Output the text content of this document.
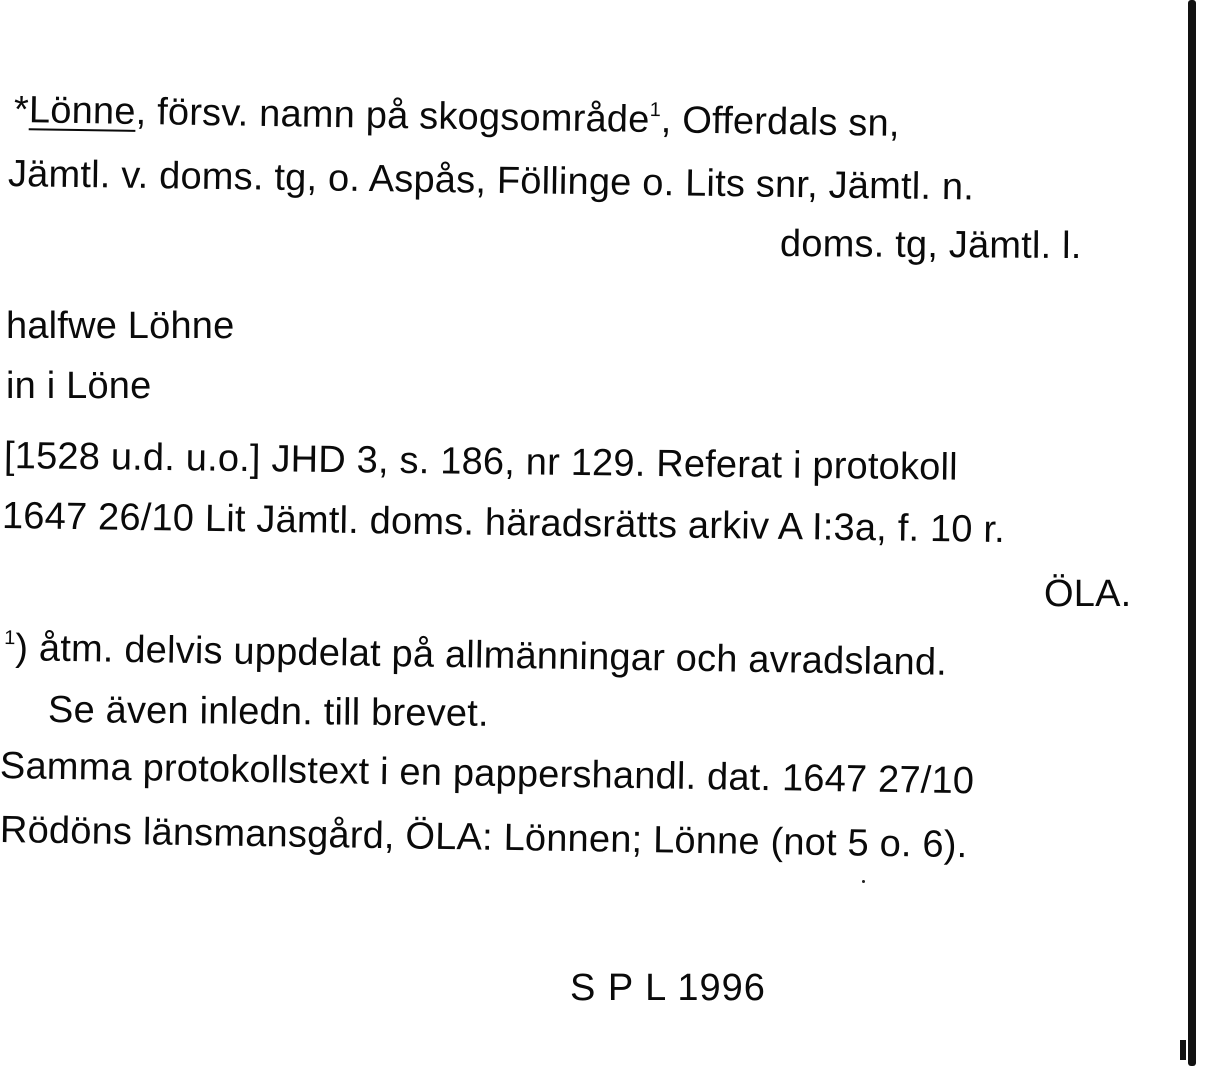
*Lönne, försv. namn på skogsområde$^1$, Offerdals sn,
Jämtl. v. doms. tg, o. Aspås, Föllinge o. Lits snr, Jämtl. n.
doms. tg, Jämtl. l.
halfwe Löhne
in i Löne
[1528 u.d. u.o.] JHD 3, s. 186, nr 129. Referat i protokoll
1647 26/10 Lit Jämtl. doms. häradsrätts arkiv A I:3a, f. 10 r.
ÖLA.
$^1$) åtm. delvis uppdelat på allmänningar och avradsland.
Se även inledn. till brevet.
Samma protokollstext i en pappershandl. dat. 1647 27/10
Rödöns länsmansgård, ÖLA: Lönnen; Lönne (not 5 o. 6).
S P L 1996
